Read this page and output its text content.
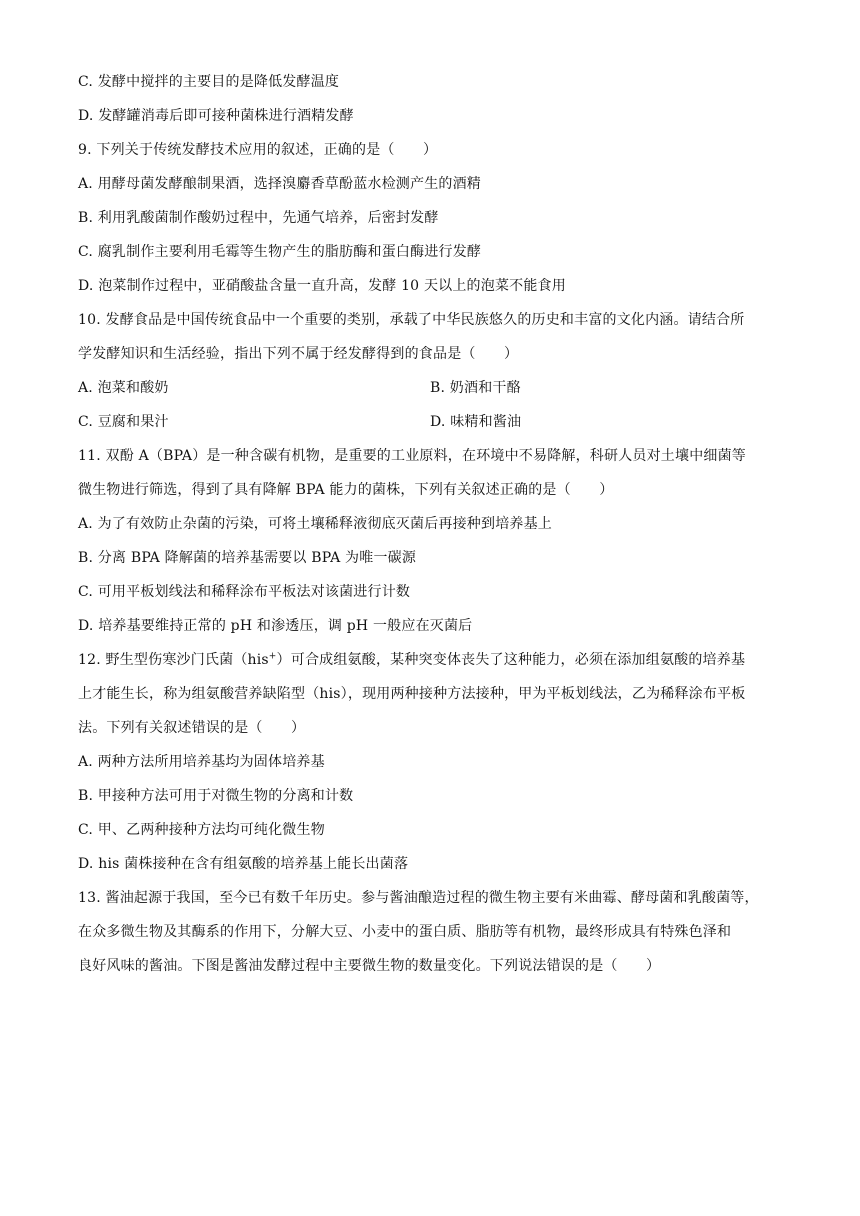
C. 发酵中搅拌的主要目的是降低发酵温度
D. 发酵罐消毒后即可接种菌株进行酒精发酵
9. 下列关于传统发酵技术应用的叙述，正确的是（　　）
A. 用酵母菌发酵酿制果酒，选择溴麝香草酚蓝水检测产生的酒精
B. 利用乳酸菌制作酸奶过程中，先通气培养，后密封发酵
C. 腐乳制作主要利用毛霉等生物产生的脂肪酶和蛋白酶进行发酵
D. 泡菜制作过程中，亚硝酸盐含量一直升高，发酵 10 天以上的泡菜不能食用
10. 发酵食品是中国传统食品中一个重要的类别，承载了中华民族悠久的历史和丰富的文化内涵。请结合所
学发酵知识和生活经验，指出下列不属于经发酵得到的食品是（　　）
A. 泡菜和酸奶	B. 奶酒和干酪
C. 豆腐和果汁	D. 味精和酱油
11. 双酚 A（BPA）是一种含碳有机物，是重要的工业原料，在环境中不易降解，科研人员对土壤中细菌等
微生物进行筛选，得到了具有降解 BPA 能力的菌株，下列有关叙述正确的是（　　）
A. 为了有效防止杂菌的污染，可将土壤稀释液彻底灭菌后再接种到培养基上
B. 分离 BPA 降解菌的培养基需要以 BPA 为唯一碳源
C. 可用平板划线法和稀释涂布平板法对该菌进行计数
D. 培养基要维持正常的 pH 和渗透压，调 pH 一般应在灭菌后
12. 野生型伤寒沙门氏菌（his+）可合成组氨酸，某种突变体丧失了这种能力，必须在添加组氨酸的培养基
上才能生长，称为组氨酸营养缺陷型（his），现用两种接种方法接种，甲为平板划线法，乙为稀释涂布平板
法。下列有关叙述错误的是（　　）
A. 两种方法所用培养基均为固体培养基
B. 甲接种方法可用于对微生物的分离和计数
C. 甲、乙两种接种方法均可纯化微生物
D. his 菌株接种在含有组氨酸的培养基上能长出菌落
13. 酱油起源于我国，至今已有数千年历史。参与酱油酿造过程的微生物主要有米曲霉、酵母菌和乳酸菌等，
在众多微生物及其酶系的作用下，分解大豆、小麦中的蛋白质、脂肪等有机物，最终形成具有特殊色泽和
良好风味的酱油。下图是酱油发酵过程中主要微生物的数量变化。下列说法错误的是（　　）
